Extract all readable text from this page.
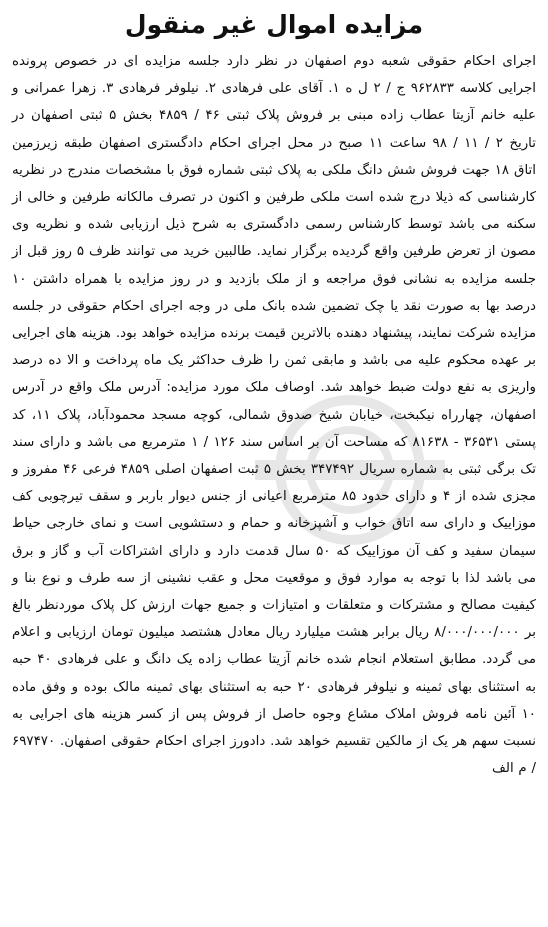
مزایده اموال غیر منقول

اجرای احکام حقوقی شعبه دوم اصفهان در نظر دارد جلسه مزایده ای در خصوص پرونده اجرایی کلاسه ۹۶۲۸۳۳ ج / ۲ ل ه ۱. آقای علی فرهادی ۲. نیلوفر فرهادی ۳. زهرا عمرانی و علیه خانم آزیتا عطاب زاده مبنی بر فروش پلاک ثبتی ۴۶ / ۴۸۵۹ بخش ۵ ثبتی اصفهان در تاریخ ۲ / ۱۱ / ۹۸ ساعت ۱۱ صبح در محل اجرای احکام دادگستری اصفهان طبقه زیرزمین اتاق ۱۸ جهت فروش شش دانگ ملکی به پلاک ثبتی شماره فوق با مشخصات مندرج در نظریه کارشناسی که ذیلا درج شده است ملکی طرفین و اکنون در تصرف مالکانه طرفین و خالی از سکنه می باشد توسط کارشناس رسمی دادگستری به شرح ذیل ارزیابی شده و نظریه وی مصون از تعرض طرفین واقع گردیده برگزار نماید. طالبین خرید می توانند ظرف ۵ روز قبل از جلسه مزایده به نشانی فوق مراجعه و از ملک بازدید و در روز مزایده با همراه داشتن ۱۰ درصد بها به صورت نقد یا چک تضمین شده بانک ملی در وجه اجرای احکام حقوقی در جلسه مزایده شرکت نمایند، پیشنهاد دهنده بالاترین قیمت برنده مزایده خواهد بود. هزینه های اجرایی بر عهده محکوم علیه می باشد و مابقی ثمن را ظرف حداکثر یک ماه پرداخت و الا ده درصد واریزی به نفع دولت ضبط خواهد شد. اوصاف ملک مورد مزایده: آدرس ملک واقع در آدرس اصفهان، چهارراه نیکبخت، خیابان شیخ صدوق شمالی، کوچه مسجد محمودآباد، پلاک ۱۱، کد پستی ۳۶۵۳۱ - ۸۱۶۳۸ که مساحت آن بر اساس سند ۱۲۶ / ۱ مترمربع می باشد و دارای سند تک برگی ثبتی به شماره سریال ۳۴۷۴۹۲ بخش ۵ ثبت اصفهان اصلی ۴۸۵۹ فرعی ۴۶ مفروز و مجزی شده از ۴ و دارای حدود ۸۵ مترمربع اعیانی از جنس دیوار باربر و سقف تیرچوبی کف موزاییک و دارای سه اتاق خواب و آشپزخانه و حمام و دستشویی است و نمای خارجی حیاط سیمان سفید و کف آن موزاییک که ۵۰ سال قدمت دارد و دارای اشتراکات آب و گاز و برق می باشد لذا با توجه به موارد فوق و موقعیت محل و عقب نشینی از سه طرف و نوع بنا و کیفیت مصالح و مشترکات و متعلقات و امتیازات و جمیع جهات ارزش کل پلاک موردنظر بالغ بر ۸/۰۰۰/۰۰۰/۰۰۰ ریال برابر هشت میلیارد ریال معادل هشتصد میلیون تومان ارزیابی و اعلام می گردد. مطابق استعلام انجام شده خانم آزیتا عطاب زاده یک دانگ و علی فرهادی ۴۰ حبه به استثنای بهای ثمینه و نیلوفر فرهادی ۲۰ حبه به استثنای بهای ثمینه مالک بوده و وفق ماده ۱۰ آئین نامه فروش املاک مشاع وجوه حاصل از فروش پس از کسر هزینه های اجرایی به نسبت سهم هر یک از مالکین تقسیم خواهد شد. دادورز اجرای احکام حقوقی اصفهان. ۶۹۷۴۷۰ / م الف
